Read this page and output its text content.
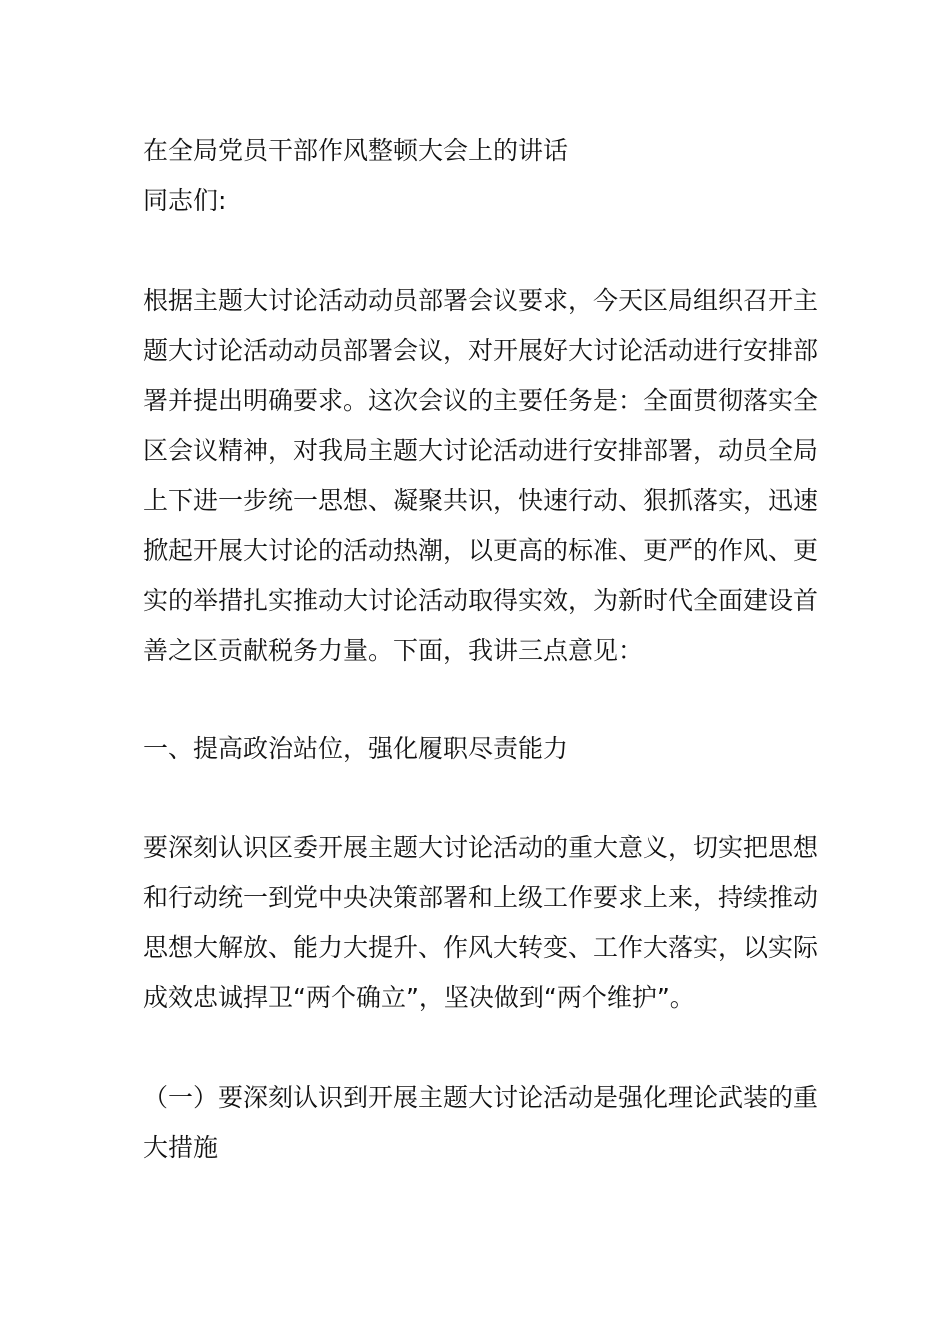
在全局党员干部作风整顿大会上的讲话
同志们:
根据主题大讨论活动动员部署会议要求，今天区局组织召开主
题大讨论活动动员部署会议，对开展好大讨论活动进行安排部
署并提出明确要求。这次会议的主要任务是：全面贯彻落实全
区会议精神，对我局主题大讨论活动进行安排部署，动员全局
上下进一步统一思想、凝聚共识，快速行动、狠抓落实，迅速
掀起开展大讨论的活动热潮，以更高的标准、更严的作风、更
实的举措扎实推动大讨论活动取得实效，为新时代全面建设首
善之区贡献税务力量。下面，我讲三点意见：
一、提高政治站位，强化履职尽责能力
要深刻认识区委开展主题大讨论活动的重大意义，切实把思想
和行动统一到党中央决策部署和上级工作要求上来，持续推动
思想大解放、能力大提升、作风大转变、工作大落实，以实际
成效忠诚捍卫“两个确立”，坚决做到“两个维护”。
（一）要深刻认识到开展主题大讨论活动是强化理论武装的重
大措施
